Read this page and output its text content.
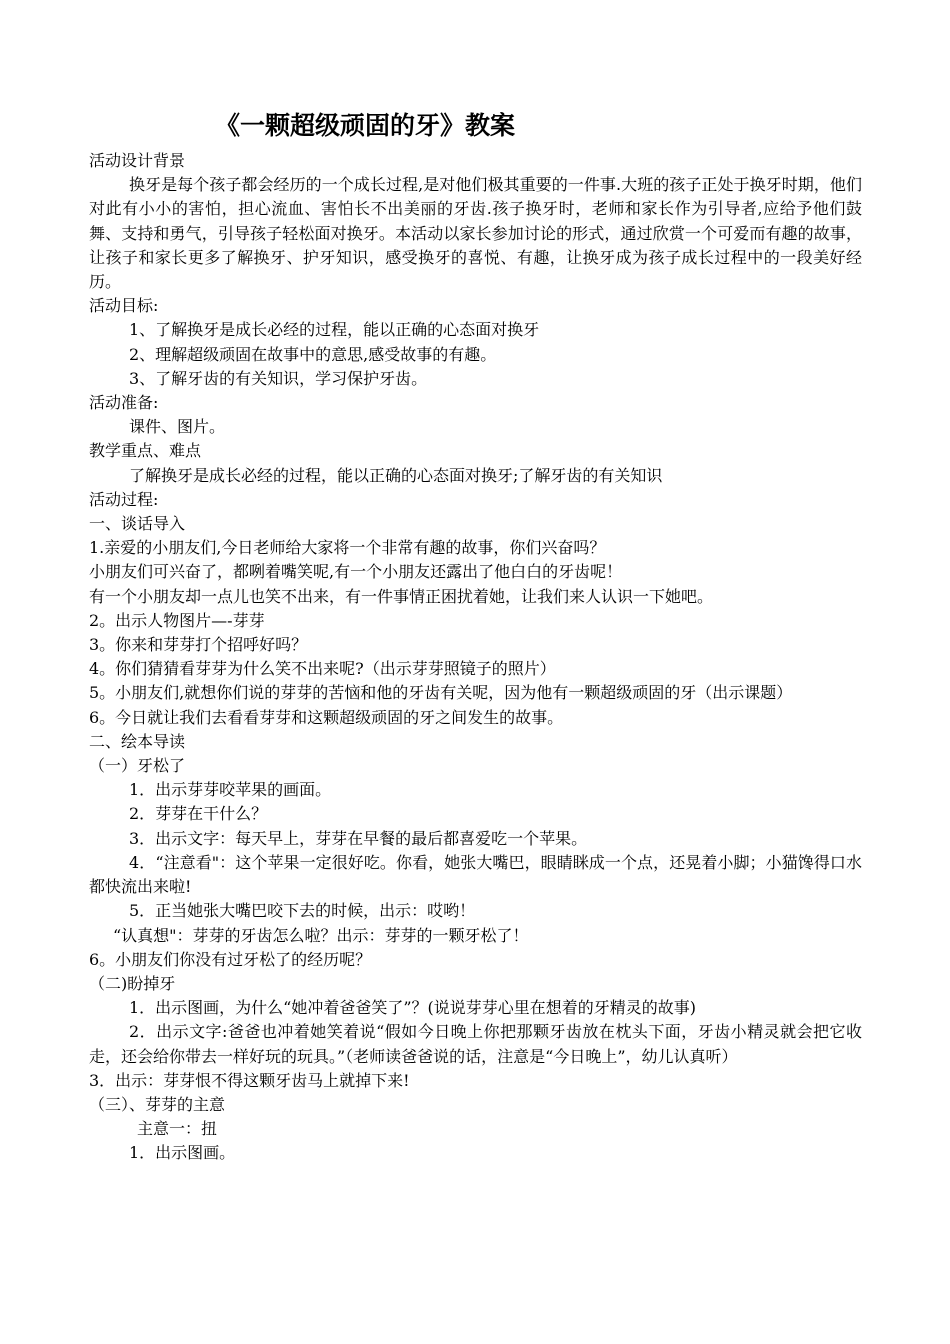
《一颗超级顽固的牙》教案

活动设计背景

换牙是每个孩子都会经历的一个成长过程,是对他们极其重要的一件事.大班的孩子正处于换牙时期，他们对此有小小的害怕，担心流血、害怕长不出美丽的牙齿.孩子换牙时，老师和家长作为引导者,应给予他们鼓舞、支持和勇气，引导孩子轻松面对换牙。本活动以家长参加讨论的形式，通过欣赏一个可爱而有趣的故事，让孩子和家长更多了解换牙、护牙知识，感受换牙的喜悦、有趣，让换牙成为孩子成长过程中的一段美好经历。

活动目标:

1、了解换牙是成长必经的过程，能以正确的心态面对换牙

2、理解超级顽固在故事中的意思,感受故事的有趣。

3、了解牙齿的有关知识，学习保护牙齿。

活动准备:

课件、图片。

教学重点、难点

了解换牙是成长必经的过程，能以正确的心态面对换牙;了解牙齿的有关知识

活动过程:

一、谈话导入

1.亲爱的小朋友们,今日老师给大家将一个非常有趣的故事，你们兴奋吗？

小朋友们可兴奋了，都咧着嘴笑呢,有一个小朋友还露出了他白白的牙齿呢！

有一个小朋友却一点儿也笑不出来，有一件事情正困扰着她，让我们来人认识一下她吧。

2。出示人物图片—-芽芽

3。你来和芽芽打个招呼好吗？

4。你们猜猜看芽芽为什么笑不出来呢?（出示芽芽照镜子的照片）

5。小朋友们,就想你们说的芽芽的苦恼和他的牙齿有关呢，因为他有一颗超级顽固的牙（出示课题）

6。今日就让我们去看看芽芽和这颗超级顽固的牙之间发生的故事。

二、绘本导读

（一）牙松了

1．出示芽芽咬苹果的画面。

2．芽芽在干什么？

3．出示文字：每天早上，芽芽在早餐的最后都喜爱吃一个苹果。

4．“注意看"：这个苹果一定很好吃。你看，她张大嘴巴，眼睛眯成一个点，还晃着小脚；小猫馋得口水都快流出来啦!

5．正当她张大嘴巴咬下去的时候，出示：哎哟！

“认真想"：芽芽的牙齿怎么啦？出示：芽芽的一颗牙松了！

6。小朋友们你没有过牙松了的经历呢？

（二)盼掉牙

1．出示图画，为什么“她冲着爸爸笑了”？(说说芽芽心里在想着的牙精灵的故事)

2．出示文字:爸爸也冲着她笑着说“假如今日晚上你把那颗牙齿放在枕头下面，牙齿小精灵就会把它收走，还会给你带去一样好玩的玩具。”（老师读爸爸说的话，注意是“今日晚上”，幼儿认真听）

3．出示：芽芽恨不得这颗牙齿马上就掉下来!

（三）、芽芽的主意

主意一：扭

1．出示图画。
